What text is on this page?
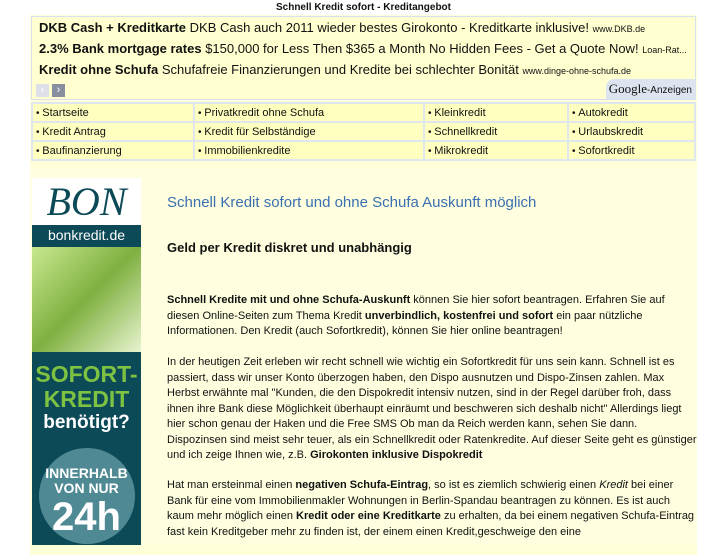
Schnell Kredit sofort - Kreditangebot
DKB Cash + Kreditkarte DKB Cash auch 2011 wieder bestes Girokonto - Kreditkarte inklusive! www.DKB.de
2.3% Bank mortgage rates $150,000 for Less Then $365 a Month No Hidden Fees - Get a Quote Now! Loan-Rat...
Kredit ohne Schufa Schufafreie Finanzierungen und Kredite bei schlechter Bonität www.dinge-ohne-schufa.de
‹	›	Google-Anzeigen
• Startseite	• Privatkredit ohne Schufa	• Kleinkredit	• Autokredit
• Kredit Antrag	• Kredit für Selbständige	• Schnellkredit	• Urlaubskredit
• Baufinanzierung	• Immobilienkredite	• Mikrokredit	• Sofortkredit
BON
bonkredit.de
SOFORT-
KREDIT
benötigt?
INNERHALB
VON NUR
24h
Schnell Kredit sofort und ohne Schufa Auskunft möglich
Geld per Kredit diskret und unabhängig
Schnell Kredite mit und ohne Schufa-Auskunft können Sie hier sofort beantragen. Erfahren Sie auf diesen Online-Seiten zum Thema Kredit unverbindlich, kostenfrei und sofort ein paar nützliche Informationen. Den Kredit (auch Sofortkredit), können Sie hier online beantragen!
In der heutigen Zeit erleben wir recht schnell wie wichtig ein Sofortkredit für uns sein kann. Schnell ist es passiert, dass wir unser Konto überzogen haben, den Dispo ausnutzen und Dispo-Zinsen zahlen. Max Herbst erwähnte mal "Kunden, die den Dispokredit intensiv nutzen, sind in der Regel darüber froh, dass ihnen ihre Bank diese Möglichkeit überhaupt einräumt und beschweren sich deshalb nicht" Allerdings liegt hier schon genau der Haken und die Free SMS Ob man da Reich werden kann, sehen Sie dann. Dispozinsen sind meist sehr teuer, als ein Schnellkredit oder Ratenkredite. Auf dieser Seite geht es günstiger und ich zeige Ihnen wie, z.B. Girokonten inklusive Dispokredit
Hat man ersteinmal einen negativen Schufa-Eintrag, so ist es ziemlich schwierig einen Kredit bei einer Bank für eine vom Immobilienmakler Wohnungen in Berlin-Spandau beantragen zu können. Es ist auch kaum mehr möglich einen Kredit oder eine Kreditkarte zu erhalten, da bei einem negativen Schufa-Eintrag fast kein Kreditgeber mehr zu finden ist, der einem einen Kredit,geschweige den eine
